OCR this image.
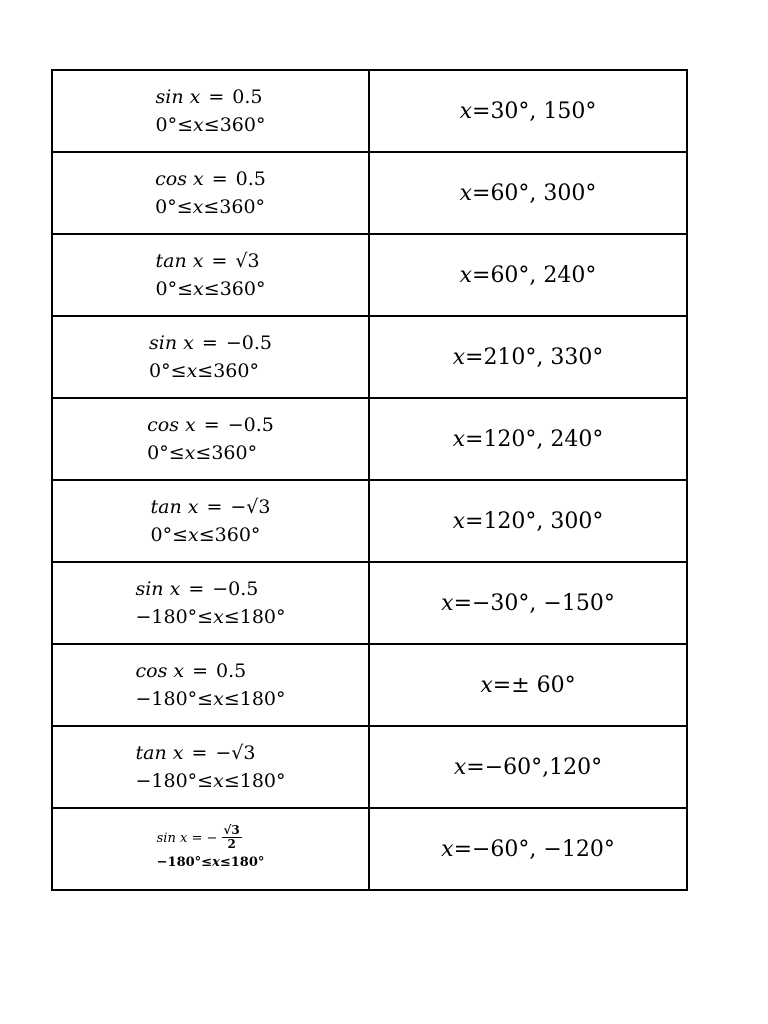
sin x = 0.5
0°≤x≤360°	x=30°, 150°

cos x = 0.5
0°≤x≤360°	x=60°, 300°

tan x = √3
0°≤x≤360°	x=60°, 240°

sin x = −0.5
0°≤x≤360°	x=210°, 330°

cos x = −0.5
0°≤x≤360°	x=120°, 240°

tan x = −√3
0°≤x≤360°	x=120°, 300°

sin x = −0.5
−180°≤x≤180°	x=−30°, −150°

cos x = 0.5
−180°≤x≤180°	x=± 60°

tan x = −√3
−180°≤x≤180°	x=−60°,120°

sin x = − $\frac{√3}{2}$
−180°≤x≤180°	x=−60°, −120°
